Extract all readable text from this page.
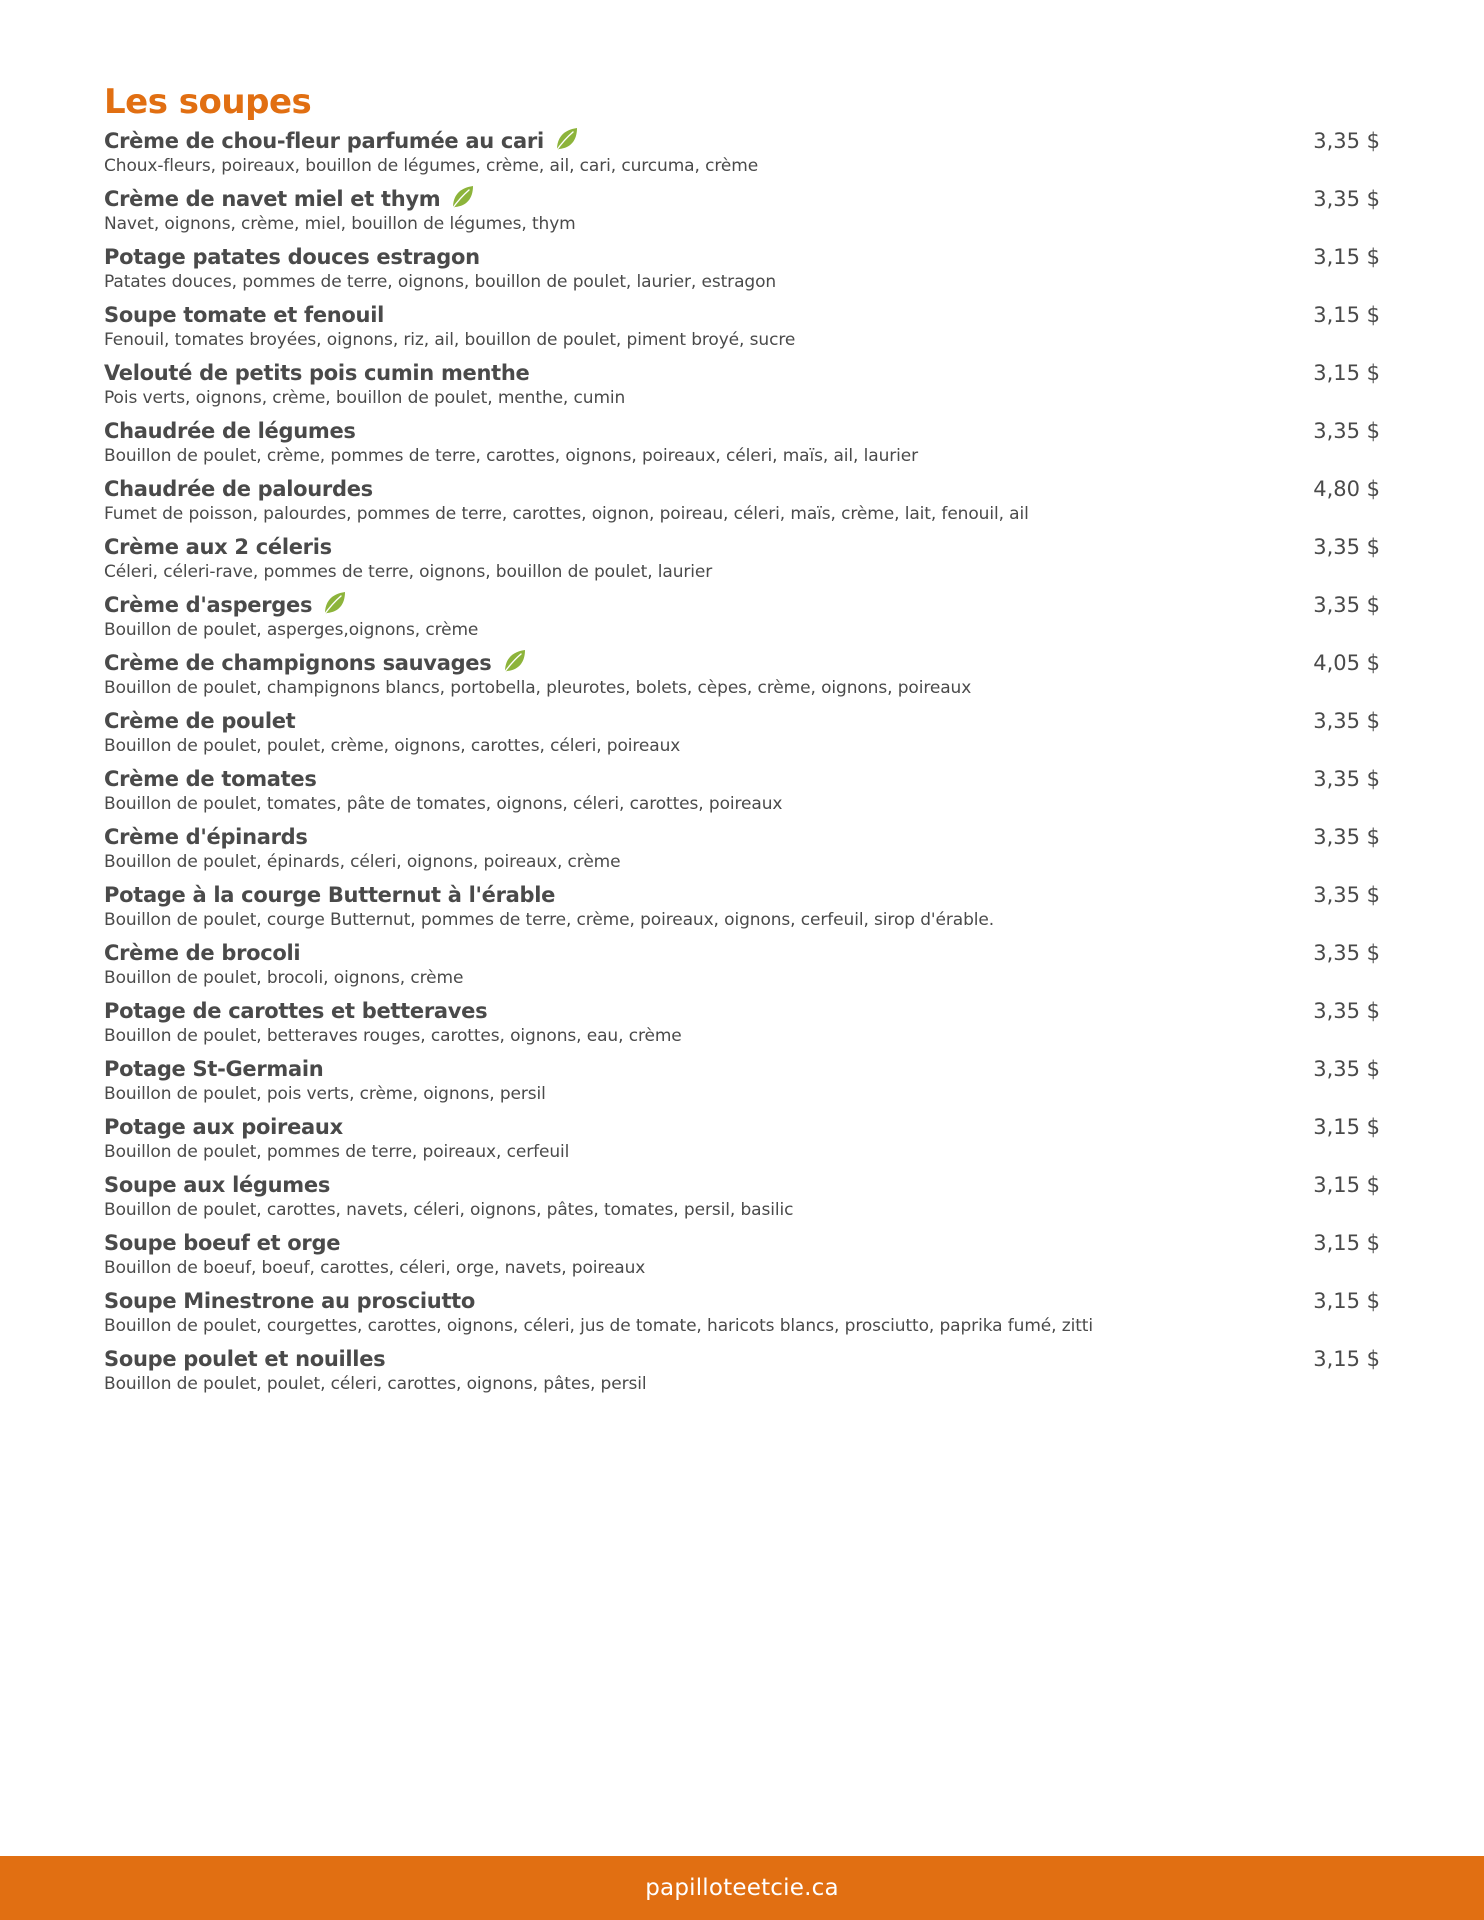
Les soupes
Crème de chou-fleur parfumée au cari
Choux-fleurs, poireaux, bouillon de légumes, crème, ail, cari, curcuma, crème
3,35 $
Crème de navet miel et thym
Navet, oignons, crème, miel, bouillon de légumes, thym
3,35 $
Potage patates douces estragon
Patates douces, pommes de terre, oignons, bouillon de poulet, laurier, estragon
3,15 $
Soupe tomate et fenouil
Fenouil, tomates broyées, oignons, riz, ail, bouillon de poulet, piment broyé, sucre
3,15 $
Velouté de petits pois cumin menthe
Pois verts, oignons, crème, bouillon de poulet, menthe, cumin
3,15 $
Chaudrée de légumes
Bouillon de poulet, crème, pommes de terre, carottes, oignons, poireaux, céleri, maïs, ail, laurier
3,35 $
Chaudrée de palourdes
Fumet de poisson, palourdes, pommes de terre, carottes, oignon, poireau, céleri, maïs, crème, lait, fenouil, ail
4,80 $
Crème aux 2 céleris
Céleri, céleri-rave, pommes de terre, oignons, bouillon de poulet, laurier
3,35 $
Crème d'asperges
Bouillon de poulet, asperges,oignons, crème
3,35 $
Crème de champignons sauvages
Bouillon de poulet, champignons blancs, portobella, pleurotes, bolets, cèpes, crème, oignons, poireaux
4,05 $
Crème de poulet
Bouillon de poulet, poulet, crème, oignons, carottes, céleri, poireaux
3,35 $
Crème de tomates
Bouillon de poulet, tomates, pâte de tomates, oignons, céleri, carottes, poireaux
3,35 $
Crème d'épinards
Bouillon de poulet, épinards, céleri, oignons, poireaux, crème
3,35 $
Potage à la courge Butternut à l'érable
Bouillon de poulet, courge Butternut, pommes de terre, crème, poireaux, oignons, cerfeuil, sirop d'érable.
3,35 $
Crème de brocoli
Bouillon de poulet, brocoli, oignons, crème
3,35 $
Potage de carottes et betteraves
Bouillon de poulet, betteraves rouges, carottes, oignons, eau, crème
3,35 $
Potage St-Germain
Bouillon de poulet, pois verts, crème, oignons, persil
3,35 $
Potage aux poireaux
Bouillon de poulet, pommes de terre, poireaux, cerfeuil
3,15 $
Soupe aux légumes
Bouillon de poulet, carottes, navets, céleri, oignons, pâtes, tomates, persil, basilic
3,15 $
Soupe boeuf et orge
Bouillon de boeuf, boeuf, carottes, céleri, orge, navets, poireaux
3,15 $
Soupe Minestrone au prosciutto
Bouillon de poulet, courgettes, carottes, oignons, céleri, jus de tomate, haricots blancs, prosciutto, paprika fumé, zitti
3,15 $
Soupe poulet et nouilles
Bouillon de poulet, poulet, céleri, carottes, oignons, pâtes, persil
3,15 $
papilloteetcie.ca
